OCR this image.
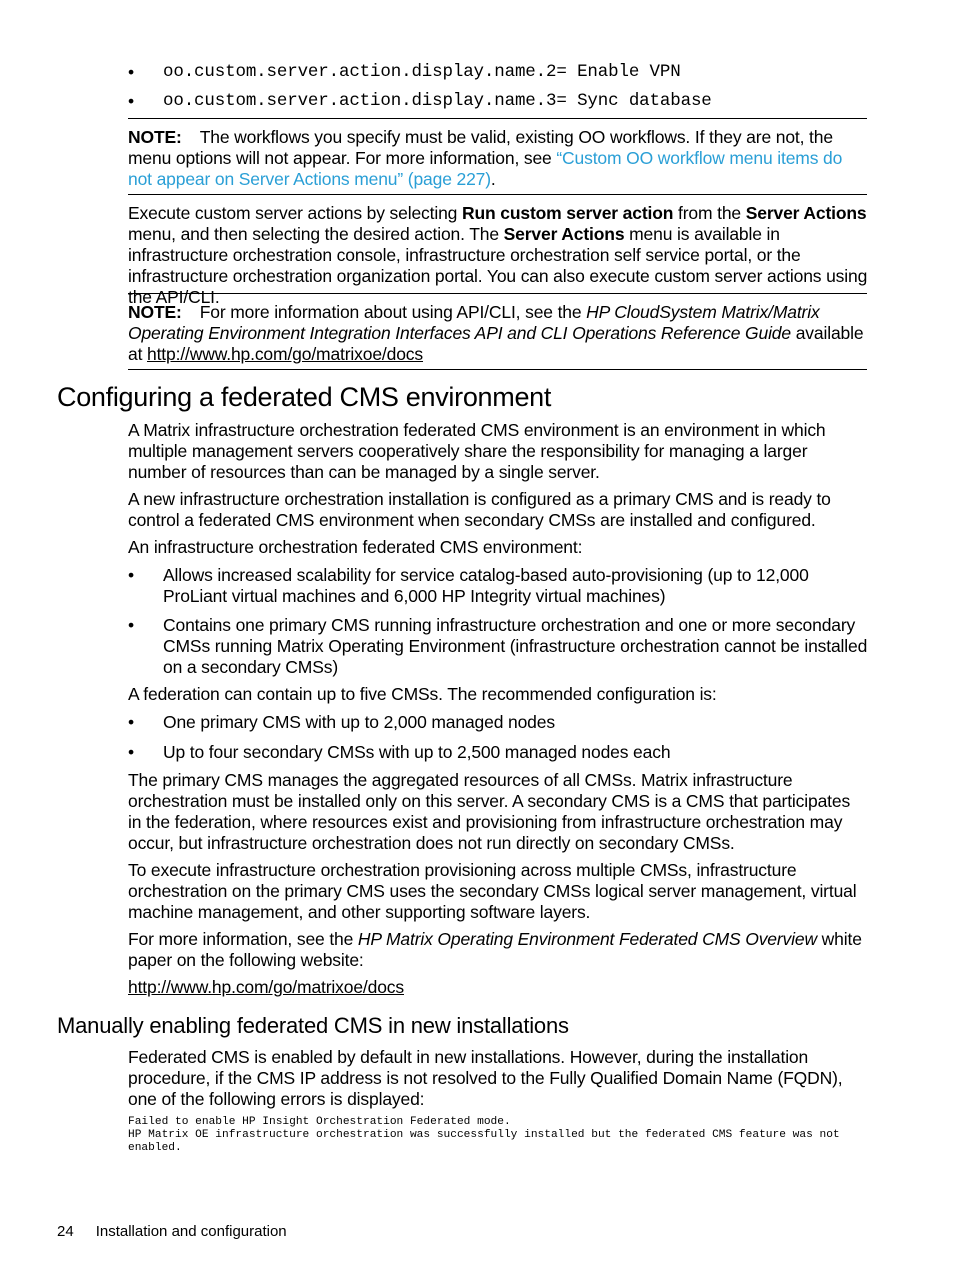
• oo.custom.server.action.display.name.2= Enable VPN
• oo.custom.server.action.display.name.3= Sync database
NOTE: The workflows you specify must be valid, existing OO workflows. If they are not, the menu options will not appear. For more information, see “Custom OO workflow menu items do not appear on Server Actions menu” (page 227).
Execute custom server actions by selecting Run custom server action from the Server Actions menu, and then selecting the desired action. The Server Actions menu is available in infrastructure orchestration console, infrastructure orchestration self service portal, or the infrastructure orchestration organization portal. You can also execute custom server actions using the API/CLI.
NOTE: For more information about using API/CLI, see the HP CloudSystem Matrix/Matrix Operating Environment Integration Interfaces API and CLI Operations Reference Guide available at http://www.hp.com/go/matrixoe/docs
Configuring a federated CMS environment

A Matrix infrastructure orchestration federated CMS environment is an environment in which multiple management servers cooperatively share the responsibility for managing a larger number of resources than can be managed by a single server.

A new infrastructure orchestration installation is configured as a primary CMS and is ready to control a federated CMS environment when secondary CMSs are installed and configured.

An infrastructure orchestration federated CMS environment:

• Allows increased scalability for service catalog-based auto-provisioning (up to 12,000 ProLiant virtual machines and 6,000 HP Integrity virtual machines)
• Contains one primary CMS running infrastructure orchestration and one or more secondary CMSs running Matrix Operating Environment (infrastructure orchestration cannot be installed on a secondary CMSs)

A federation can contain up to five CMSs. The recommended configuration is:

• One primary CMS with up to 2,000 managed nodes
• Up to four secondary CMSs with up to 2,500 managed nodes each

The primary CMS manages the aggregated resources of all CMSs. Matrix infrastructure orchestration must be installed only on this server. A secondary CMS is a CMS that participates in the federation, where resources exist and provisioning from infrastructure orchestration may occur, but infrastructure orchestration does not run directly on secondary CMSs.

To execute infrastructure orchestration provisioning across multiple CMSs, infrastructure orchestration on the primary CMS uses the secondary CMSs logical server management, virtual machine management, and other supporting software layers.

For more information, see the HP Matrix Operating Environment Federated CMS Overview white paper on the following website:
http://www.hp.com/go/matrixoe/docs
Manually enabling federated CMS in new installations

Federated CMS is enabled by default in new installations. However, during the installation procedure, if the CMS IP address is not resolved to the Fully Qualified Domain Name (FQDN), one of the following errors is displayed:

Failed to enable HP Insight Orchestration Federated mode.
HP Matrix OE infrastructure orchestration was successfully installed but the federated CMS feature was not
enabled.
24 Installation and configuration
